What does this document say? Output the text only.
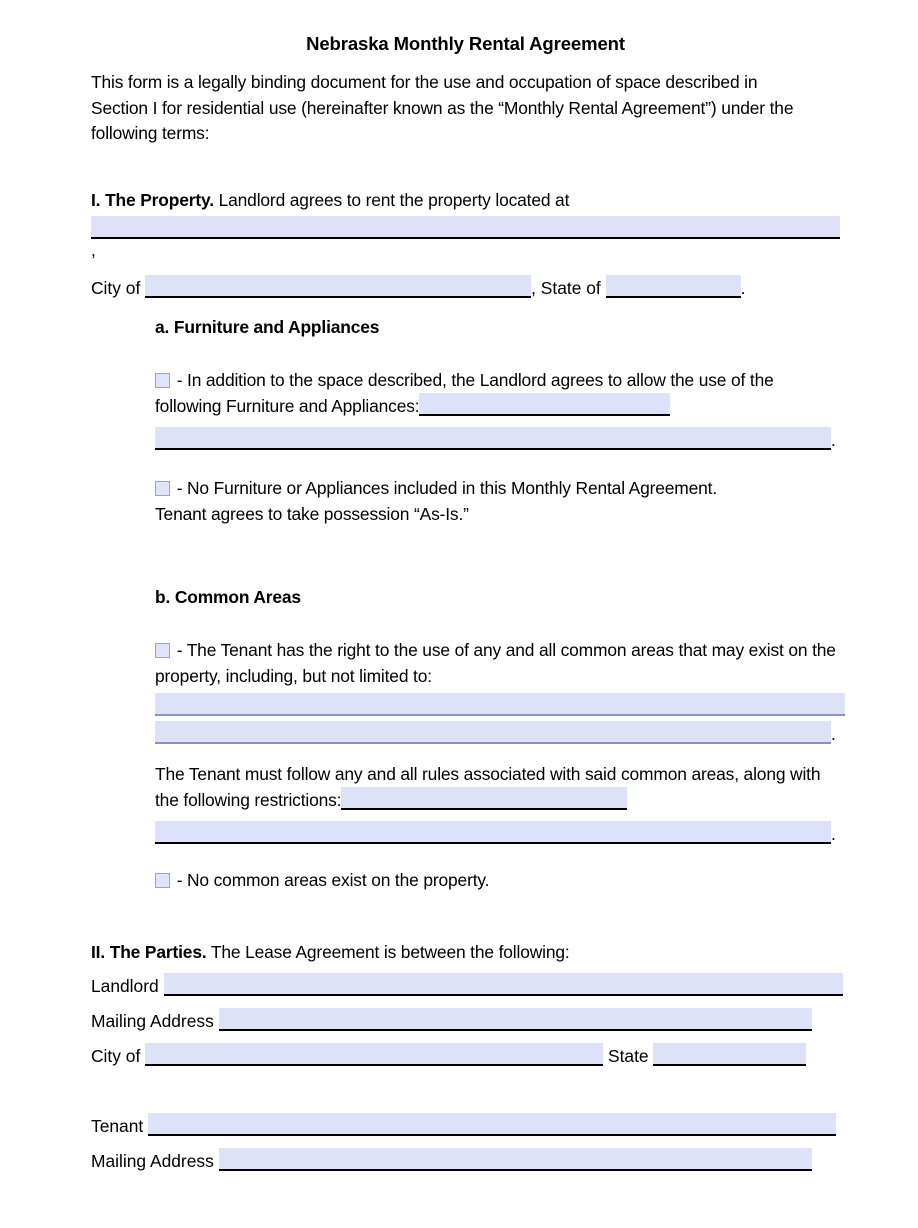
Nebraska Monthly Rental Agreement

This form is a legally binding document for the use and occupation of space described in Section I for residential use (hereinafter known as the “Monthly Rental Agreement”) under the following terms:

I. The Property. Landlord agrees to rent the property located at

,
City of	, State of	.

a. Furniture and Appliances

- In addition to the space described, the Landlord agrees to allow the use of the following Furniture and Appliances:

.

- No Furniture or Appliances included in this Monthly Rental Agreement. Tenant agrees to take possession “As-Is.”

b. Common Areas

- The Tenant has the right to the use of any and all common areas that may exist on the property, including, but not limited to:

.

The Tenant must follow any and all rules associated with said common areas, along with the following restrictions:

.

- No common areas exist on the property.

II. The Parties. The Lease Agreement is between the following:

Landlord
Mailing Address
City of	State
Tenant
Mailing Address
